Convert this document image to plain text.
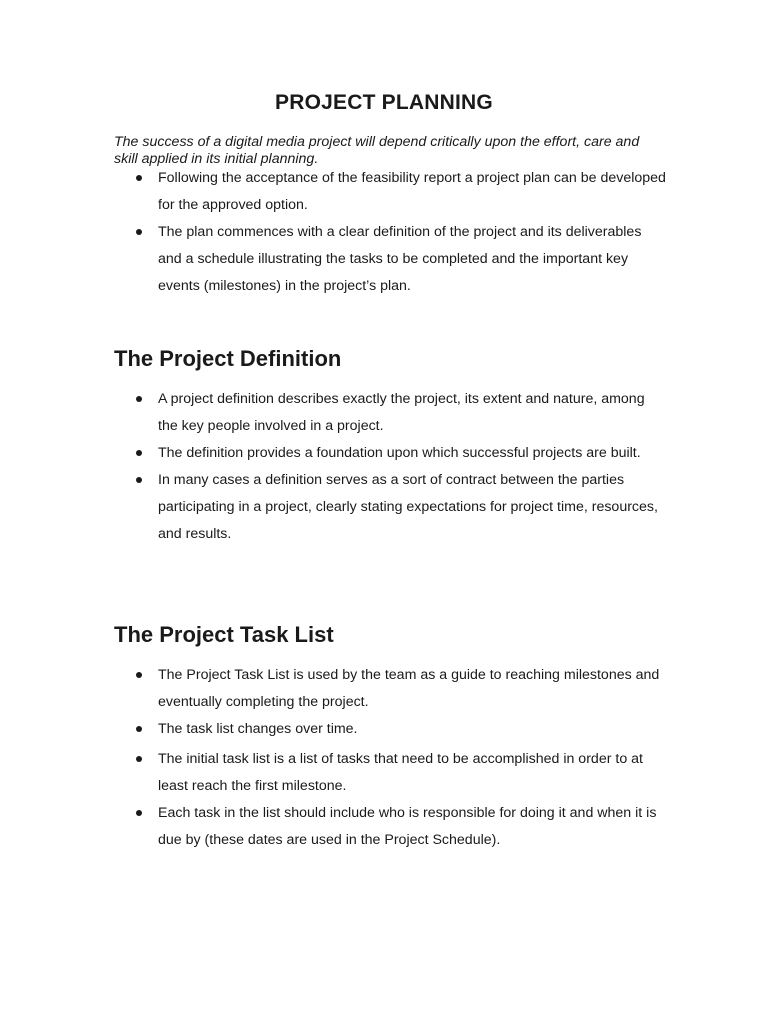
PROJECT PLANNING

The success of a digital media project will depend critically upon the effort, care and skill applied in its initial planning.

Following the acceptance of the feasibility report a project plan can be developed for the approved option.
The plan commences with a clear definition of the project and its deliverables and a schedule illustrating the tasks to be completed and the important key events (milestones) in the project’s plan.
The Project Definition
A project definition describes exactly the project, its extent and nature, among the key people involved in a project.
The definition provides a foundation upon which successful projects are built.
In many cases a definition serves as a sort of contract between the parties participating in a project, clearly stating expectations for project time, resources, and results.
The Project Task List
The Project Task List is used by the team as a guide to reaching milestones and eventually completing the project.
The task list changes over time.
The initial task list is a list of tasks that need to be accomplished in order to at least reach the first milestone.
Each task in the list should include who is responsible for doing it and when it is due by (these dates are used in the Project Schedule).
